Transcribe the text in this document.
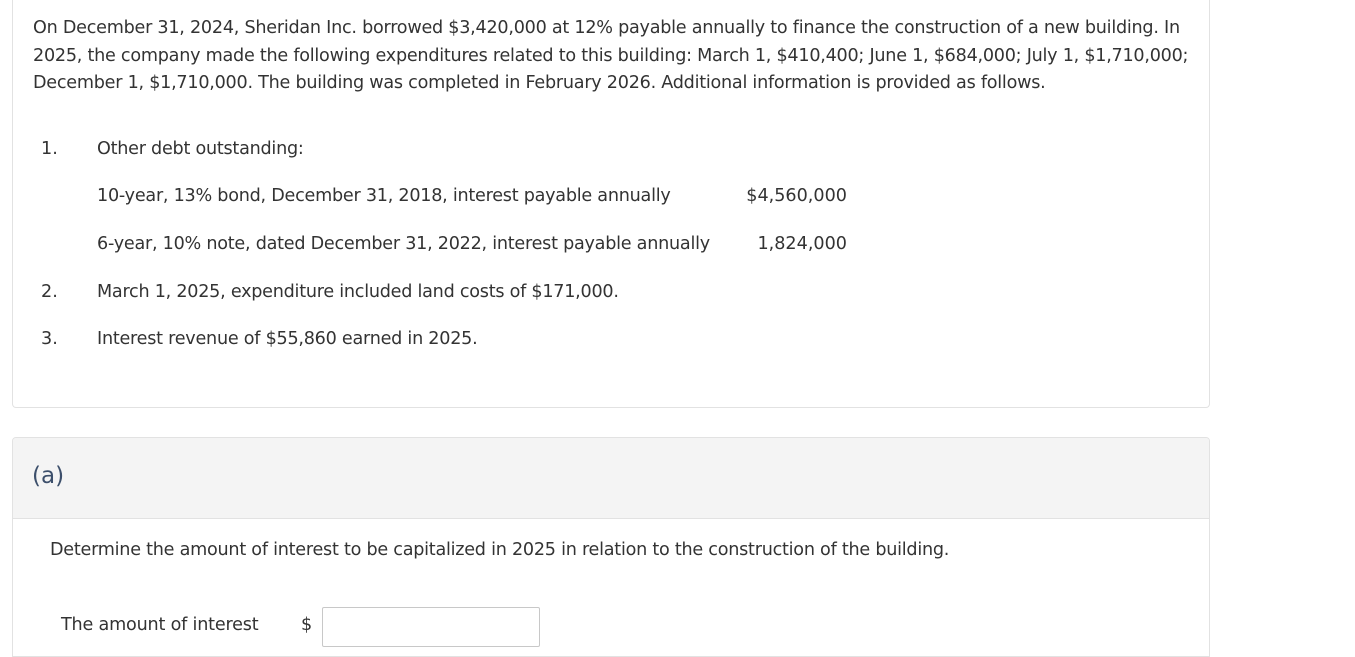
On December 31, 2024, Sheridan Inc. borrowed $3,420,000 at 12% payable annually to finance the construction of a new building. In 2025, the company made the following expenditures related to this building: March 1, $410,400; June 1, $684,000; July 1, $1,710,000; December 1, $1,710,000. The building was completed in February 2026. Additional information is provided as follows.

1. Other debt outstanding:
10-year, 13% bond, December 31, 2018, interest payable annually	$4,560,000
6-year, 10% note, dated December 31, 2022, interest payable annually	1,824,000
2. March 1, 2025, expenditure included land costs of $171,000.
3. Interest revenue of $55,860 earned in 2025.
(a)
Determine the amount of interest to be capitalized in 2025 in relation to the construction of the building.
The amount of interest $
